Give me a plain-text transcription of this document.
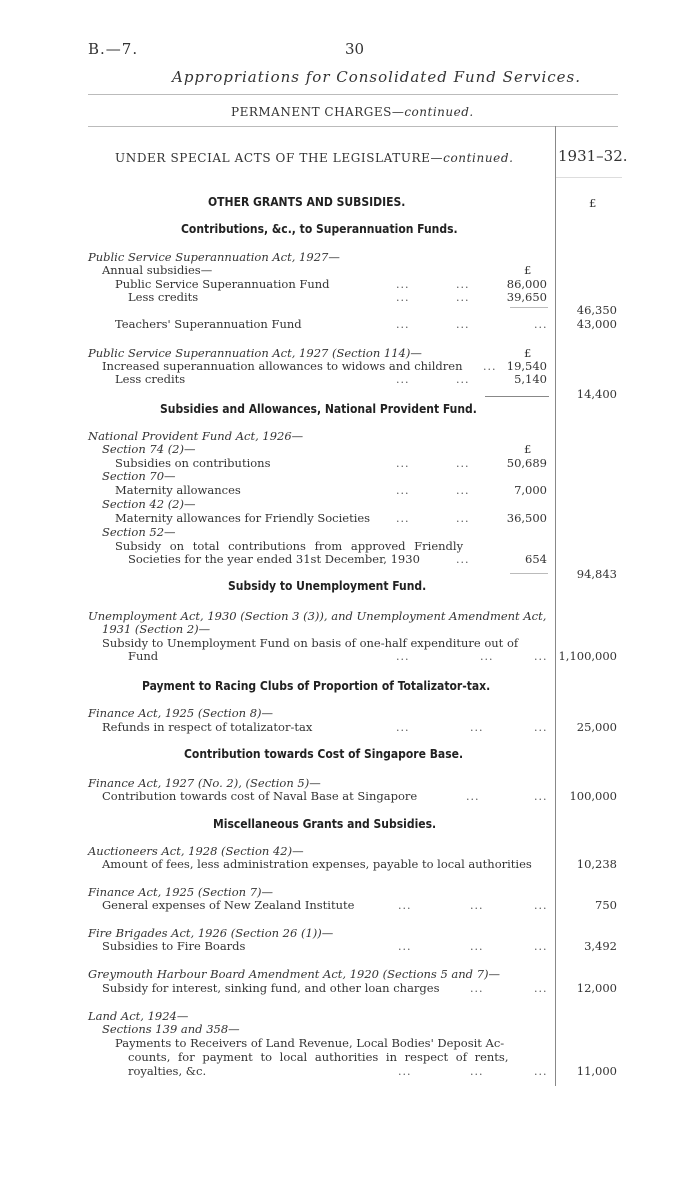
B.—7.	30
Appropriations for Consolidated Fund Services.
PERMANENT CHARGES—continued.
1931–32.
UNDER SPECIAL ACTS OF THE LEGISLATURE—continued.
OTHER GRANTS AND SUBSIDIES.	£
Contributions, &c., to Superannuation Funds.
Public Service Superannuation Act, 1927—
Annual subsidies—	£
Public Service Superannuation Fund	...	...	86,000
Less credits	...	...	39,650
46,350
Teachers' Superannuation Fund	...	...	...	43,000
Public Service Superannuation Act, 1927 (Section 114)—	£
Increased superannuation allowances to widows and children ... 19,540
Less credits	...	...	5,140
14,400
Subsidies and Allowances, National Provident Fund.
National Provident Fund Act, 1926—
Section 74 (2)—	£
Subsidies on contributions	...	...	50,689
Section 70—
Maternity allowances	...	...	7,000
Section 42 (2)—
Maternity allowances for Friendly Societies ...	...	36,500
Section 52—
Subsidy on total contributions from approved Friendly
Societies for the year ended 31st December, 1930	...	654
94,843
Subsidy to Unemployment Fund.
Unemployment Act, 1930 (Section 3 (3)), and Unemployment Amendment Act,
1931 (Section 2)—
Subsidy to Unemployment Fund on basis of one-half expenditure out of
Fund	...	...	... 1,100,000
Payment to Racing Clubs of Proportion of Totalizator-tax.
Finance Act, 1925 (Section 8)—
Refunds in respect of totalizator-tax	...	...	...	25,000
Contribution towards Cost of Singapore Base.
Finance Act, 1927 (No. 2), (Section 5)—
Contribution towards cost of Naval Base at Singapore	...	... 100,000
Miscellaneous Grants and Subsidies.
Auctioneers Act, 1928 (Section 42)—
Amount of fees, less administration expenses, payable to local authorities	10,238
Finance Act, 1925 (Section 7)—
General expenses of New Zealand Institute	...	...	...	750
Fire Brigades Act, 1926 (Section 26 (1))—
Subsidies to Fire Boards	...	...	...	3,492
Greymouth Harbour Board Amendment Act, 1920 (Sections 5 and 7)—
Subsidy for interest, sinking fund, and other loan charges	...	...	12,000
Land Act, 1924—
Sections 139 and 358—
Payments to Receivers of Land Revenue, Local Bodies' Deposit Ac-
counts, for payment to local authorities in respect of rents,
royalties, &c.	...	...	...	11,000
